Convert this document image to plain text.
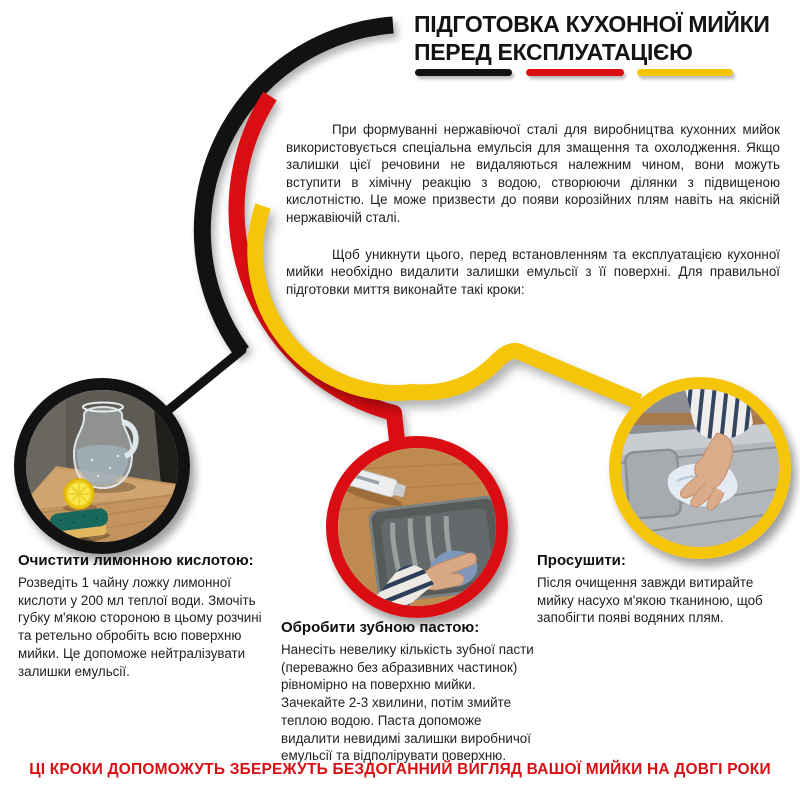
ПІДГОТОВКА КУХОННОЇ МИЙКИ
ПЕРЕД ЕКСПЛУАТАЦІЄЮ

При формуванні нержавіючої сталі для виробництва кухонних мийок використовується спеціальна емульсія для змащення та охолодження. Якщо залишки цієї речовини не видаляються належним чином, вони можуть вступити в хімічну реакцію з водою, створюючи ділянки з підвищеною кислотністю. Це може призвести до появи корозійних плям навіть на якісній нержавіючій сталі.

Щоб уникнути цього, перед встановленням та експлуатацією кухонної мийки необхідно видалити залишки емульсії з її поверхні. Для правильної підготовки миття виконайте такі кроки:

Очистити лимонною кислотою:

Розведіть 1 чайну ложку лимонної кислоти у 200 мл теплої води. Змочіть губку м'якою стороною в цьому розчині та ретельно обробіть всю поверхню мийки. Це допоможе нейтралізувати залишки емульсії.

Обробити зубною пастою:

Нанесіть невелику кількість зубної пасти (переважно без абразивних частинок) рівномірно на поверхню мийки. Зачекайте 2-3 хвилини, потім змийте теплою водою. Паста допоможе видалити невидимі залишки виробничої емульсії та відполірувати поверхню.

Просушити:

Після очищення завжди витирайте мийку насухо м'якою тканиною, щоб запобігти появі водяних плям.

ЦІ КРОКИ ДОПОМОЖУТЬ ЗБЕРЕЖУТЬ БЕЗДОГАННИЙ ВИГЛЯД ВАШОЇ МИЙКИ НА ДОВГІ РОКИ
